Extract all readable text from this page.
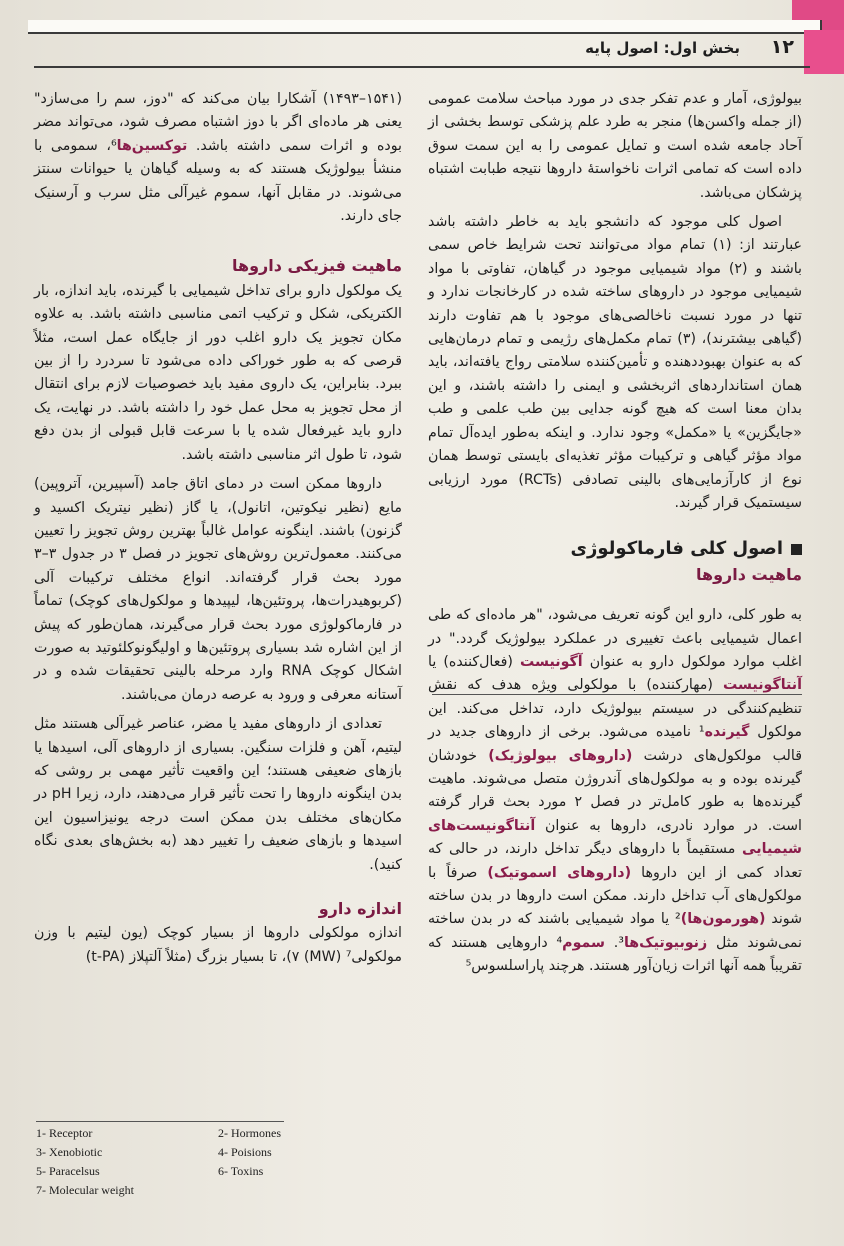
۱۲
بخش اول: اصول پایه

بیولوژی، آمار و عدم تفکر جدی در مورد مباحث سلامت عمومی (از جمله واکسن‌ها) منجر به طرد علم پزشکی توسط بخشی از آحاد جامعه شده است و تمایل عمومی را به این سمت سوق داده است که تمامی اثرات ناخواستهٔ داروها نتیجه طبابت اشتباه پزشکان می‌باشد.

اصول کلی موجود که دانشجو باید به خاطر داشته باشد عبارتند از: (۱) تمام مواد می‌توانند تحت شرایط خاص سمی باشند و (۲) مواد شیمیایی موجود در گیاهان، تفاوتی با مواد شیمیایی موجود در داروهای ساخته شده در کارخانجات ندارد و تنها در مورد نسبت ناخالصی‌های موجود با هم تفاوت دارند (گیاهی بیشترند)، (۳) تمام مکمل‌های رژیمی و تمام درمان‌هایی که به عنوان بهبوددهنده و تأمین‌کننده سلامتی رواج یافته‌اند، باید همان استانداردهای اثربخشی و ایمنی را داشته باشند، و این بدان معنا است که هیچ گونه جدایی بین طب علمی و طب «جایگزین» یا «مکمل» وجود ندارد. و اینکه به‌طور ایده‌آل تمام مواد مؤثر گیاهی و ترکیبات مؤثر تغذیه‌ای بایستی توسط همان نوع از کارآزمایی‌های بالینی تصادفی (RCTs) مورد ارزیابی سیستمیک قرار گیرند.

اصول کلی فارماکولوژی

ماهیت داروها

به طور کلی، دارو این گونه تعریف می‌شود، "هر ماده‌ای که طی اعمال شیمیایی باعث تغییری در عملکرد بیولوژیک گردد." در اغلب موارد مولکول دارو به عنوان آگونیست (فعال‌کننده) یا آنتاگونیست (مهارکننده) با مولکولی ویژه هدف که نقش تنظیم‌کنندگی در سیستم بیولوژیک دارد، تداخل می‌کند. این مولکول گیرنده¹ نامیده می‌شود. برخی از داروهای جدید در قالب مولکول‌های درشت (داروهای بیولوژیک) خودشان گیرنده بوده و به مولکول‌های آندروژن متصل می‌شوند. ماهیت گیرنده‌ها به طور کامل‌تر در فصل ۲ مورد بحث قرار گرفته است. در موارد نادری، داروها به عنوان آنتاگونیست‌های شیمیایی مستقیماً با داروهای دیگر تداخل دارند، در حالی که تعداد کمی از این داروها (داروهای اسموتیک) صرفاً با مولکول‌های آب تداخل دارند. ممکن است داروها در بدن ساخته شوند (هورمون‌ها)² یا مواد شیمیایی باشند که در بدن ساخته نمی‌شوند مثل زنوبیوتیک‌ها³. سموم⁴ داروهایی هستند که تقریباً همه آنها اثرات زیان‌آور هستند. هرچند پاراسلسوس⁵

(۱۵۴۱–۱۴۹۳) آشکارا بیان می‌کند که "دوز، سم را می‌سازد" یعنی هر ماده‌ای اگر با دوز اشتباه مصرف شود، می‌تواند مضر بوده و اثرات سمی داشته باشد. توکسین‌ها⁶، سمومی با منشأ بیولوژیک هستند که به وسیله گیاهان یا حیوانات سنتز می‌شوند. در مقابل آنها، سموم غیرآلی مثل سرب و آرسنیک جای دارند.

ماهیت فیزیکی داروها

یک مولکول دارو برای تداخل شیمیایی با گیرنده، باید اندازه، بار الکتریکی، شکل و ترکیب اتمی مناسبی داشته باشد. به علاوه مکان تجویز یک دارو اغلب دور از جایگاه عمل است، مثلاً قرصی که به طور خوراکی داده می‌شود تا سردرد را از بین ببرد. بنابراین، یک داروی مفید باید خصوصیات لازم برای انتقال از محل تجویز به محل عمل خود را داشته باشد. در نهایت، یک دارو باید غیرفعال شده یا با سرعت قابل قبولی از بدن دفع شود، تا طول اثر مناسبی داشته باشد.

داروها ممکن است در دمای اتاق جامد (آسپیرین، آتروپین) مایع (نظیر نیکوتین، اتانول)، یا گاز (نظیر نیتریک اکسید و گزنون) باشند. اینگونه عوامل غالباً بهترین روش تجویز را تعیین می‌کنند. معمول‌ترین روش‌های تجویز در فصل ۳ در جدول ۳–۳ مورد بحث قرار گرفته‌اند. انواع مختلف ترکیبات آلی (کربوهیدرات‌ها، پروتئین‌ها، لیپیدها و مولکول‌های کوچک) تماماً در فارماکولوژی مورد بحث قرار می‌گیرند، همان‌طور که پیش از این اشاره شد بسیاری پروتئین‌ها و اولیگونوکلئوتید به صورت اشکال کوچک RNA وارد مرحله بالینی تحقیقات شده و در آستانه معرفی و ورود به عرصه درمان می‌باشند.

تعدادی از داروهای مفید یا مضر، عناصر غیرآلی هستند مثل لیتیم، آهن و فلزات سنگین. بسیاری از داروهای آلی، اسیدها یا بازهای ضعیفی هستند؛ این واقعیت تأثیر مهمی بر روشی که بدن اینگونه داروها را تحت تأثیر قرار می‌دهند، دارد، زیرا pH در مکان‌های مختلف بدن ممکن است درجه یونیزاسیون این اسیدها و بازهای ضعیف را تغییر دهد (به بخش‌های بعدی نگاه کنید).

اندازه دارو

اندازه مولکولی داروها از بسیار کوچک (یون لیتیم با وزن مولکولی⁷ (MW) ۷)، تا بسیار بزرگ (مثلاً آلتپلاز (t-PA)

1- Receptor	2- Hormones
3- Xenobiotic	4- Poisions
5- Paracelsus	6- Toxins
7- Molecular weight
